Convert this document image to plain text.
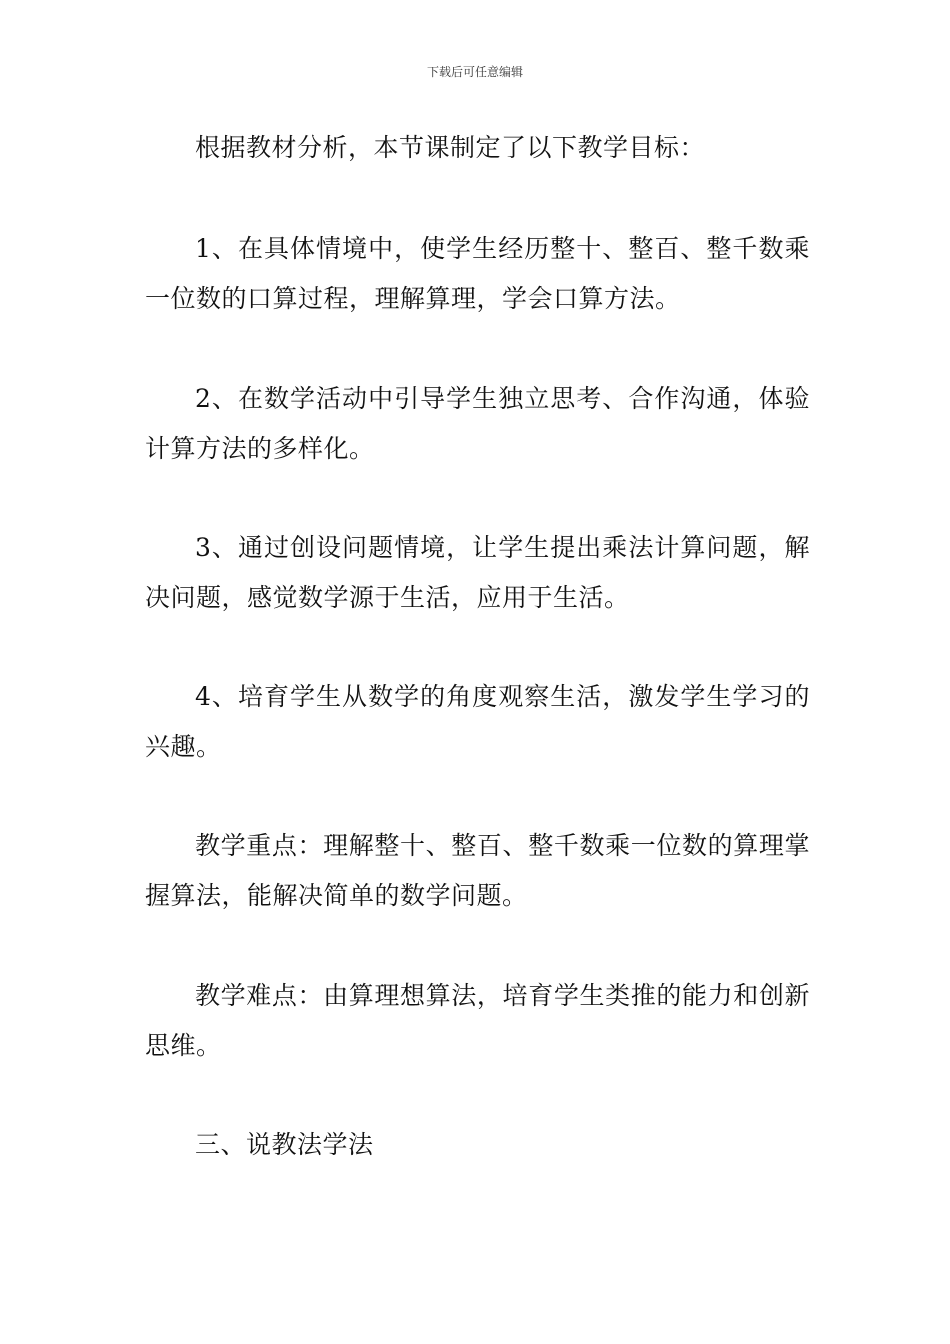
下载后可任意编辑

根据教材分析，本节课制定了以下教学目标：

1、在具体情境中，使学生经历整十、整百、整千数乘一位数的口算过程，理解算理，学会口算方法。

2、在数学活动中引导学生独立思考、合作沟通，体验计算方法的多样化。

3、通过创设问题情境，让学生提出乘法计算问题，解决问题，感觉数学源于生活，应用于生活。

4、培育学生从数学的角度观察生活，激发学生学习的兴趣。

教学重点：理解整十、整百、整千数乘一位数的算理掌握算法，能解决简单的数学问题。

教学难点：由算理想算法，培育学生类推的能力和创新思维。

三、说教法学法
